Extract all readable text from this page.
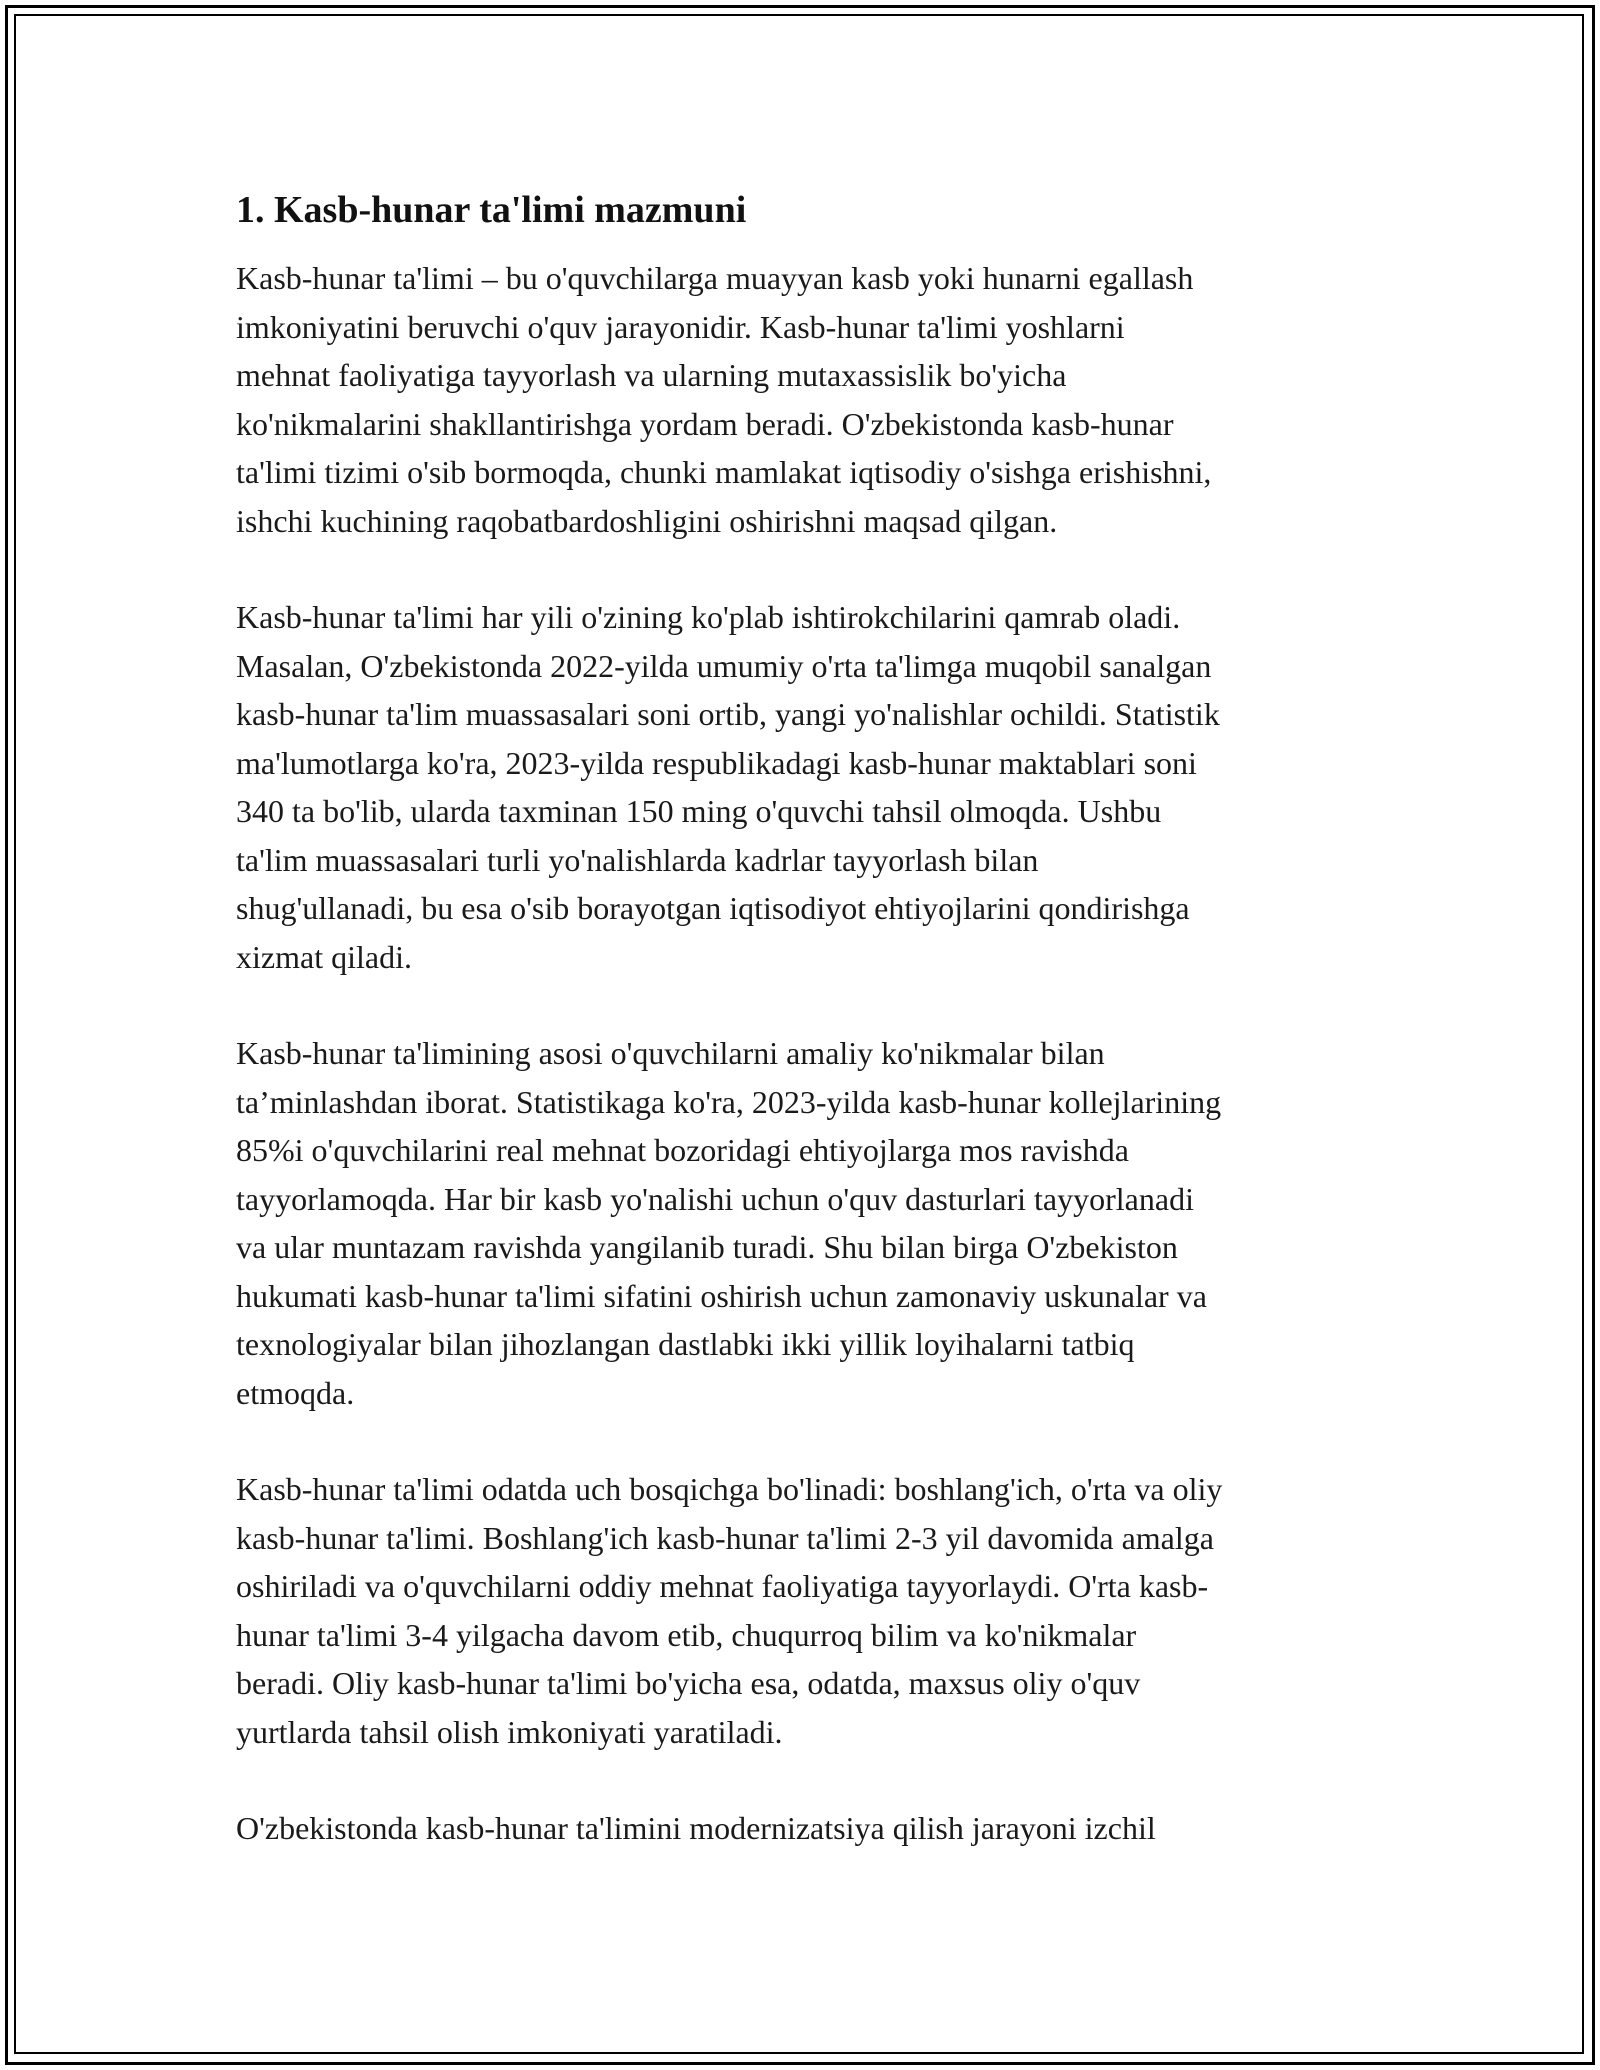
1. Kasb-hunar ta'limi mazmuni

Kasb-hunar ta'limi – bu o'quvchilarga muayyan kasb yoki hunarni egallash
imkoniyatini beruvchi o'quv jarayonidir. Kasb-hunar ta'limi yoshlarni
mehnat faoliyatiga tayyorlash va ularning mutaxassislik bo'yicha
ko'nikmalarini shakllantirishga yordam beradi. O'zbekistonda kasb-hunar
ta'limi tizimi o'sib bormoqda, chunki mamlakat iqtisodiy o'sishga erishishni,
ishchi kuchining raqobatbardoshligini oshirishni maqsad qilgan.

Kasb-hunar ta'limi har yili o'zining ko'plab ishtirokchilarini qamrab oladi.
Masalan, O'zbekistonda 2022-yilda umumiy o'rta ta'limga muqobil sanalgan
kasb-hunar ta'lim muassasalari soni ortib, yangi yo'nalishlar ochildi. Statistik
ma'lumotlarga ko'ra, 2023-yilda respublikadagi kasb-hunar maktablari soni
340 ta bo'lib, ularda taxminan 150 ming o'quvchi tahsil olmoqda. Ushbu
ta'lim muassasalari turli yo'nalishlarda kadrlar tayyorlash bilan
shug'ullanadi, bu esa o'sib borayotgan iqtisodiyot ehtiyojlarini qondirishga
xizmat qiladi.

Kasb-hunar ta'limining asosi o'quvchilarni amaliy ko'nikmalar bilan
ta’minlashdan iborat. Statistikaga ko'ra, 2023-yilda kasb-hunar kollejlarining
85%i o'quvchilarini real mehnat bozoridagi ehtiyojlarga mos ravishda
tayyorlamoqda. Har bir kasb yo'nalishi uchun o'quv dasturlari tayyorlanadi
va ular muntazam ravishda yangilanib turadi. Shu bilan birga O'zbekiston
hukumati kasb-hunar ta'limi sifatini oshirish uchun zamonaviy uskunalar va
texnologiyalar bilan jihozlangan dastlabki ikki yillik loyihalarni tatbiq
etmoqda.

Kasb-hunar ta'limi odatda uch bosqichga bo'linadi: boshlang'ich, o'rta va oliy
kasb-hunar ta'limi. Boshlang'ich kasb-hunar ta'limi 2-3 yil davomida amalga
oshiriladi va o'quvchilarni oddiy mehnat faoliyatiga tayyorlaydi. O'rta kasb-
hunar ta'limi 3-4 yilgacha davom etib, chuqurroq bilim va ko'nikmalar
beradi. Oliy kasb-hunar ta'limi bo'yicha esa, odatda, maxsus oliy o'quv
yurtlarda tahsil olish imkoniyati yaratiladi.

O'zbekistonda kasb-hunar ta'limini modernizatsiya qilish jarayoni izchil
